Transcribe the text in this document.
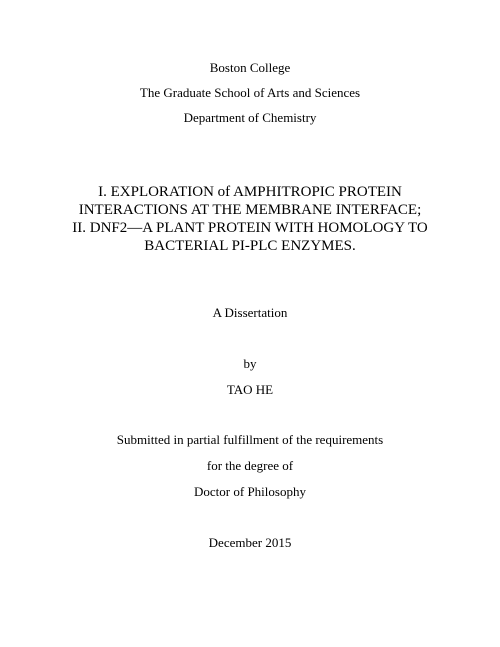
Boston College
The Graduate School of Arts and Sciences
Department of Chemistry
I. EXPLORATION of AMPHITROPIC PROTEIN
INTERACTIONS AT THE MEMBRANE INTERFACE;
II. DNF2—A PLANT PROTEIN WITH HOMOLOGY TO
BACTERIAL PI-PLC ENZYMES.
A Dissertation
by
TAO HE
Submitted in partial fulfillment of the requirements
for the degree of
Doctor of Philosophy
December 2015
